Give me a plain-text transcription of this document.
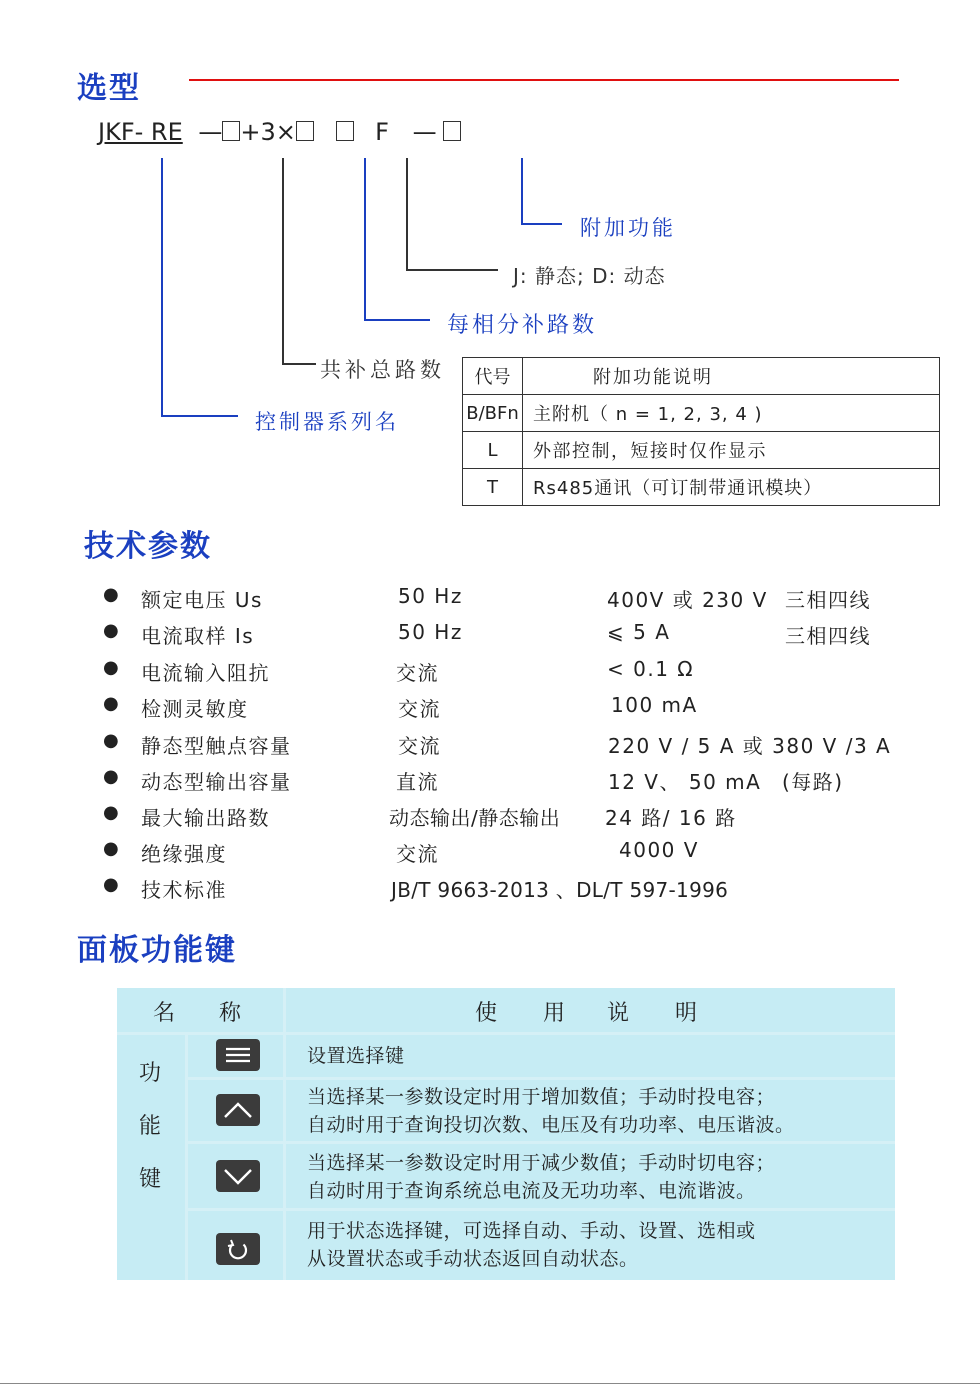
选型
JKF- RE — +3×	F —
附加功能
J: 静态; D: 动态
每相分补路数
共补总路数
控制器系列名
代号	附加功能说明
B/BFn	主附机（ n = 1, 2, 3, 4 )
L	外部控制，短接时仅作显示
T	Rs485通讯（可订制带通讯模块）
技术参数
● 额定电压 Us	50 Hz	400V 或 230 V 三相四线
● 电流取样 Is	50 Hz	⩽ 5 A	三相四线
● 电流输入阻抗	交流	< 0.1 Ω
● 检测灵敏度	交流	100 mA
● 静态型触点容量	交流	220 V / 5 A 或 380 V /3 A
● 动态型输出容量	直流	12 V、 50 mA (每路)
● 最大输出路数	动态输出/静态输出 24 路/ 16 路
● 绝缘强度	交流	4000 V
● 技术标准	JB/T 9663-2013 、DL/T 597-1996
面板功能键
名 称	使 用 说 明
功
能
键
设置选择键
当选择某一参数设定时用于增加数值；手动时投电容；
自动时用于查询投切次数、电压及有功功率、电压谐波。
当选择某一参数设定时用于减少数值；手动时切电容；
自动时用于查询系统总电流及无功功率、电流谐波。
用于状态选择键，可选择自动、手动、设置、选相或
从设置状态或手动状态返回自动状态。
